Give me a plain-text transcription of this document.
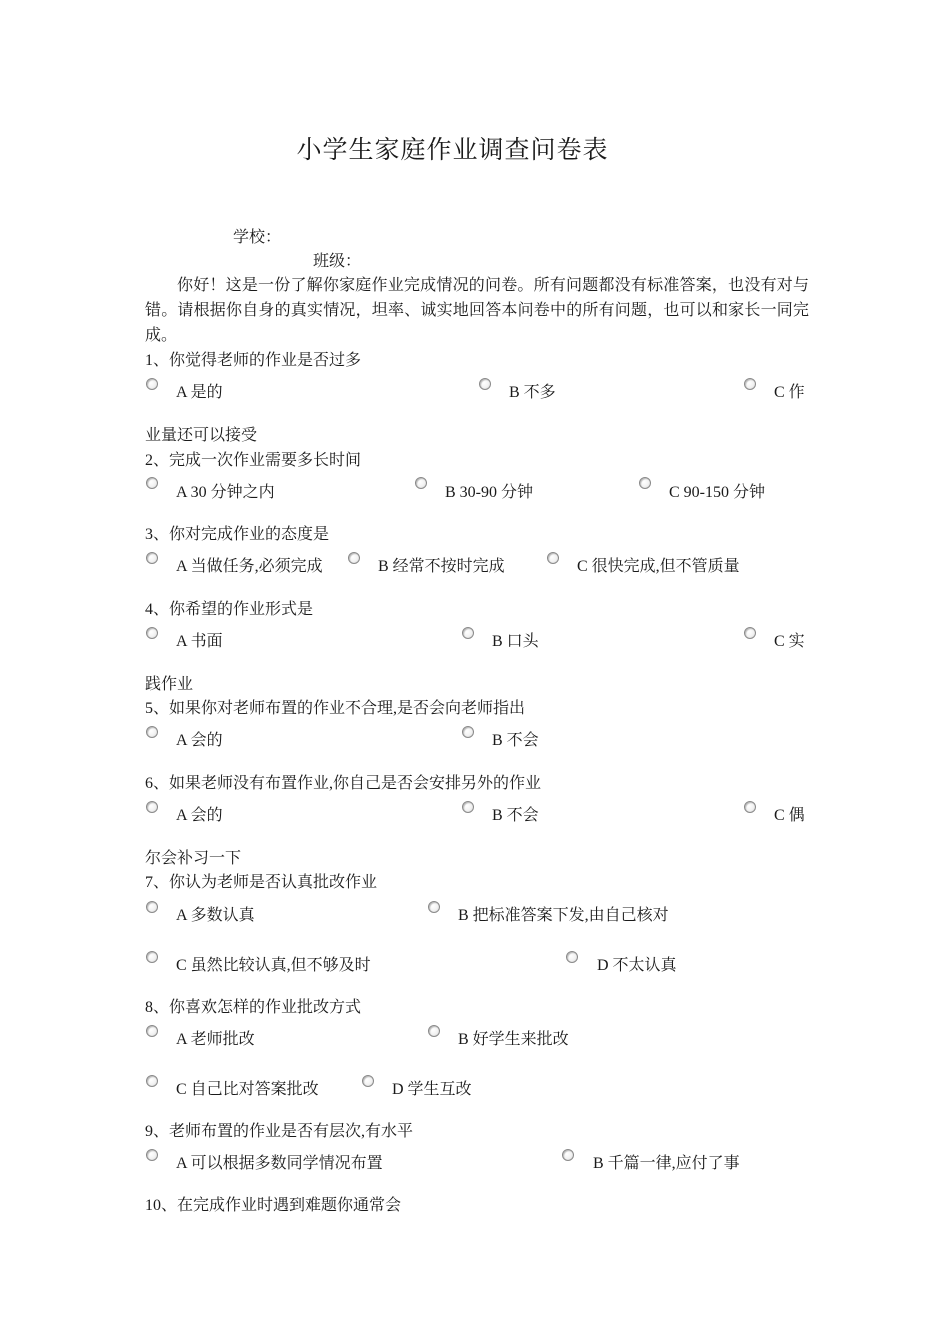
小学生家庭作业调查问卷表
学校：
班级：
你好！这是一份了解你家庭作业完成情况的问卷。所有问题都没有标准答案，也没有对与错。请根据你自身的真实情况，坦率、诚实地回答本问卷中的所有问题，也可以和家长一同完成。
1、你觉得老师的作业是否过多
A 是的	B 不多	C 作
业量还可以接受
2、完成一次作业需要多长时间
A 30 分钟之内	B 30-90 分钟	C 90-150 分钟
3、你对完成作业的态度是
A 当做任务,必须完成	B 经常不按时完成	C 很快完成,但不管质量
4、你希望的作业形式是
A 书面	B 口头	C 实
践作业
5、如果你对老师布置的作业不合理,是否会向老师指出
A 会的	B 不会
6、如果老师没有布置作业,你自己是否会安排另外的作业
A 会的	B 不会	C 偶
尔会补习一下
7、你认为老师是否认真批改作业
A 多数认真	B 把标准答案下发,由自己核对
C 虽然比较认真,但不够及时	D 不太认真
8、你喜欢怎样的作业批改方式
A 老师批改	B 好学生来批改
C 自己比对答案批改	D 学生互改
9、老师布置的作业是否有层次,有水平
A 可以根据多数同学情况布置	B 千篇一律,应付了事
10、在完成作业时遇到难题你通常会
